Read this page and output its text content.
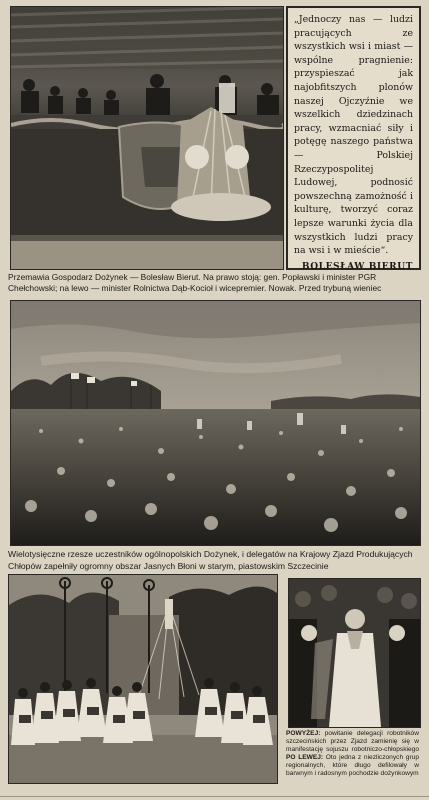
„Jednoczy nas — ludzi pracujących ze wszystkich wsi i miast — wspólne pragnienie: przyspieszać jak najobfitszych plonów naszej Ojczyźnie we wszelkich dziedzinach pracy, wzmacniać siły i potęgę naszego państwa — Polskiej Rzeczypospolitej Ludowej, podnosić powszechną zamożność i kulturę, tworzyć coraz lepsze warunki życia dla wszystkich ludzi pracy na wsi i w mieście“.

BOLESŁAW BIERUT

Przemawia Gospodarz Dożynek — Bolesław Bierut. Na prawo stoją: gen. Popławski i minister PGR Chełchowski; na lewo — minister Rolnictwa Dąb-Kocioł i wicepremier. Nowak. Przed trybuną wieniec

Wielotysięczne rzesze uczestników ogólnopolskich Dożynek, i delegatów na Krajowy Zjazd Produkujących Chłopów zapełniły ogromny obszar Jasnych Błoni w starym, piastowskim Szczecinie

POWYŻEJ: powitanie delegacji robotników szczecińskich przez Zjazd zamienię się w manifestację sojuszu robotniczo-chłopskiego PO LEWEJ: Oto jedna z niezliczonych grup regionalnych, które długo defilowały w barwnym i radosnym pochodzie dożynkowym
